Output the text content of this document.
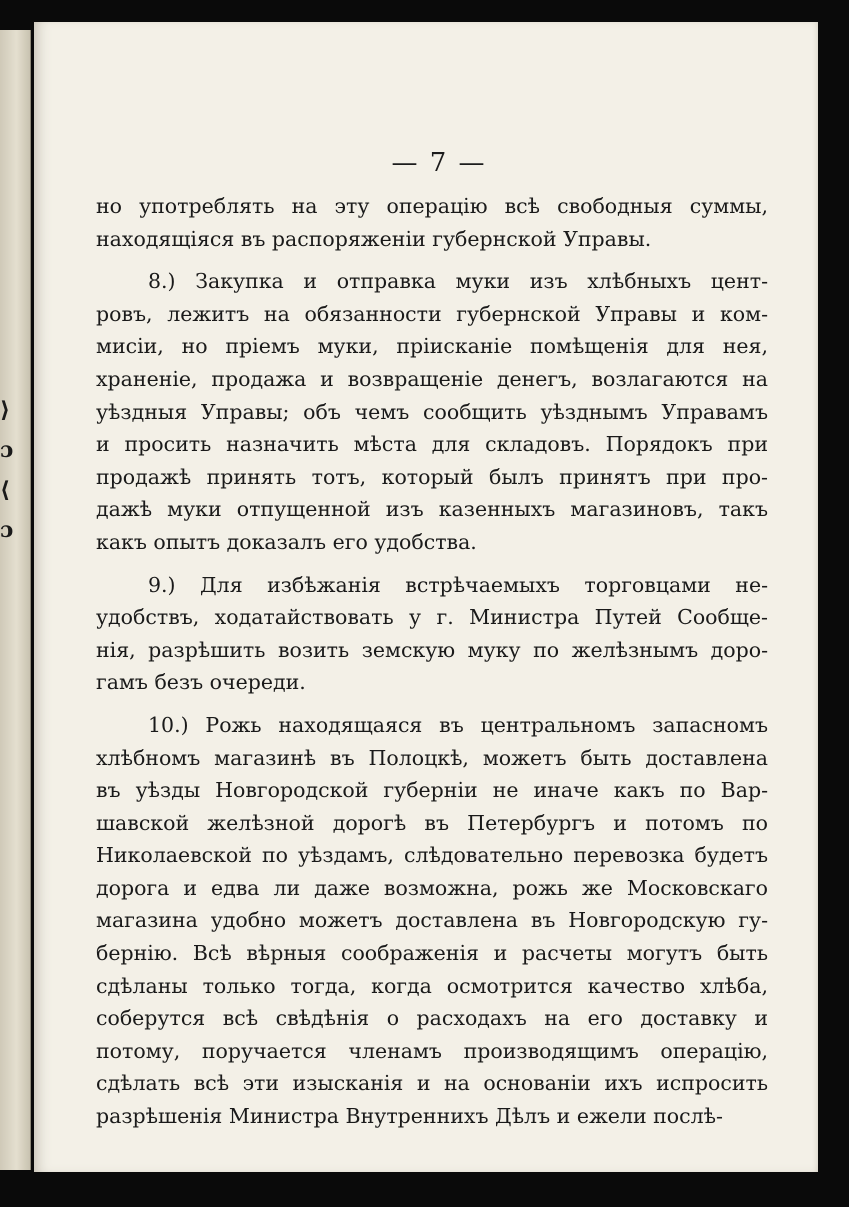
⟩
ɔ
⟨
ɔ
— 7 —
но употреблять на эту операцію всѣ свободныя суммы,
находящіяся въ распоряженіи губернской Управы.
8.) Закупка и отправка муки изъ хлѣбныхъ цент-
ровъ, лежитъ на обязанности губернской Управы и ком-
мисіи, но пріемъ муки, пріисканіе помѣщенія для нея,
храненіе, продажа и возвращеніе денегъ, возлагаются на
уѣздныя Управы; объ чемъ сообщить уѣзднымъ Управамъ
и просить назначить мѣста для складовъ. Порядокъ при
продажѣ принять тотъ, который былъ принятъ при про-
дажѣ муки отпущенной изъ казенныхъ магазиновъ, такъ
какъ опытъ доказалъ его удобства.
9.) Для избѣжанія встрѣчаемыхъ торговцами не-
удобствъ, ходатайствовать у г. Министра Путей Сообще-
нія, разрѣшить возить земскую муку по желѣзнымъ доро-
гамъ безъ очереди.
10.) Рожь находящаяся въ центральномъ запасномъ
хлѣбномъ магазинѣ въ Полоцкѣ, можетъ быть доставлена
въ уѣзды Новгородской губерніи не иначе какъ по Вар-
шавской желѣзной дорогѣ въ Петербургъ и потомъ по
Николаевской по уѣздамъ, слѣдовательно перевозка будетъ
дорога и едва ли даже возможна, рожь же Московскаго
магазина удобно можетъ доставлена въ Новгородскую гу-
бернію. Всѣ вѣрныя соображенія и расчеты могутъ быть
сдѣланы только тогда, когда осмотрится качество хлѣба,
соберутся всѣ свѣдѣнія о расходахъ на его доставку и
потому, поручается членамъ производящимъ операцію,
сдѣлать всѣ эти изысканія и на основаніи ихъ испросить
разрѣшенія Министра Внутреннихъ Дѣлъ и ежели послѣ-
